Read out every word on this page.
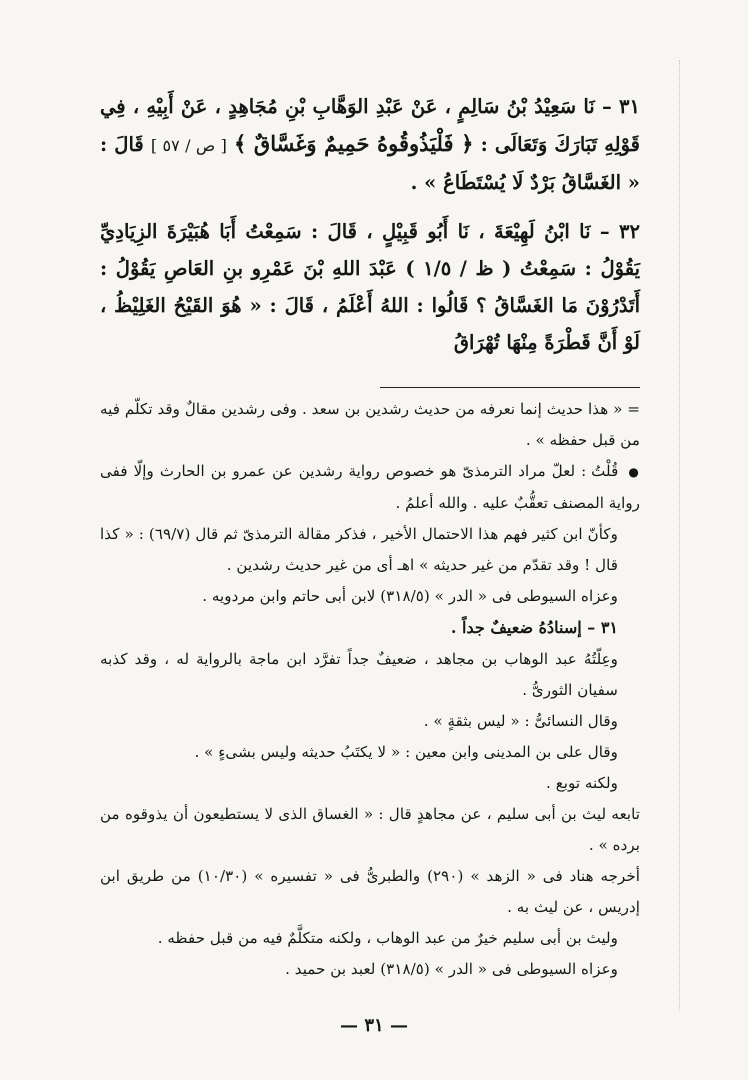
٣١ – نَا سَعِيْدُ بْنُ سَالِمٍ ، عَنْ عَبْدِ الوَهَّابِ بْنِ مُجَاهِدٍ ، عَنْ أَبِيْهِ ، فِي قَوْلِهِ تَبَارَكَ وَتَعَالَى : ﴿ فَلْيَذُوقُوهُ حَمِيمٌ وَغَسَّاقٌ ﴾ [ ص / ٥٧ ] قَالَ : « الغَسَّاقُ بَرْدٌ لَا يُسْتَطَاعُ » .

٣٢ – نَا ابْنُ لَهِيْعَةَ ، نَا أَبُو قَبِيْلٍ ، قَالَ : سَمِعْتُ أَبَا هُبَيْرَةَ الزِيَادِيِّ يَقُوْلُ : سَمِعْتُ ( ظ / ١/٥ ) عَبْدَ اللهِ بْنَ عَمْرِو بنِ العَاصِ يَقُوْلُ : أَتَدْرُوْنَ مَا الغَسَّاقُ ؟ قَالُوا : اللهُ أَعْلَمُ ، قَالَ : « هُوَ القَيْحُ الغَلِيْظُ ، لَوْ أَنَّ قَطْرَةً مِنْهَا تُهْرَاقُ

= « هذا حديث إنما نعرفه من حديث رشدين بن سعد . وفى رشدين مقالٌ وقد تكلّم فيه من قبل حفظه » .

● قُلْتُ : لعلّ مراد الترمذىّ هو خصوص رواية رشدين عن عمرو بن الحارث وإلّا ففى رواية المصنف تعقُّبٌ عليه . والله أعلمُ .

وكأنّ ابن كثير فهم هذا الاحتمال الأخير ، فذكر مقالة الترمذىّ ثم قال (٦٩/٧) : « كذا قال ! وقد تقدّم من غير حديثه » اهـ أى من غير حديث رشدين .

وعزاه السيوطى فى « الدر » (٣١٨/٥) لابن أبى حاتم وابن مردويه .

٣١ – إسنادُهُ ضعيفٌ جداً .

وعِلّتُهُ عبد الوهاب بن مجاهد ، ضعيفٌ جداً تفرَّد ابن ماجة بالرواية له ، وقد كذبه سفيان الثورىُّ .

وقال النسائىُّ : « ليس بثقةٍ » .

وقال على بن المدينى وابن معين : « لا يكتَبُ حديثه وليس بشىءٍ » .

ولكنه توبع .

تابعه ليث بن أبى سليم ، عن مجاهدٍ قال : « الغساق الذى لا يستطيعون أن يذوقوه من برده » .

أخرجه هناد فى « الزهد » (٢٩٠) والطبرىُّ فى « تفسيره » (١٠/٣٠) من طريق ابن إدريس ، عن ليث به .

وليث بن أبى سليم خيرٌ من عبد الوهاب ، ولكنه متكلَّمٌ فيه من قبل حفظه .

وعزاه السيوطى فى « الدر » (٣١٨/٥) لعبد بن حميد .

— ٣١ —
